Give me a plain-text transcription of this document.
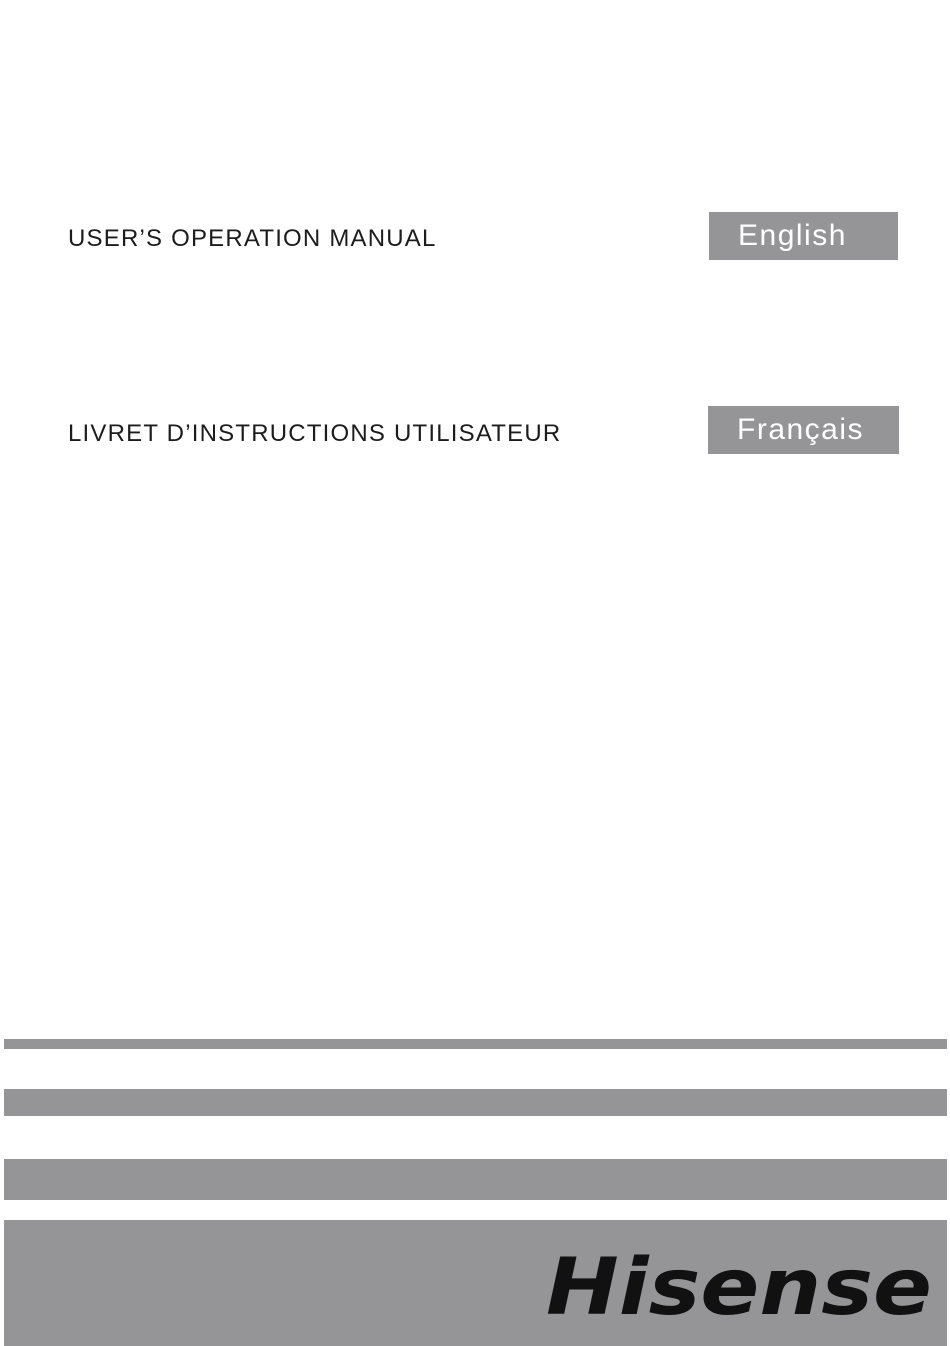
USER’S OPERATION MANUAL	English
LIVRET D’INSTRUCTIONS UTILISATEUR	Français
Hisense
